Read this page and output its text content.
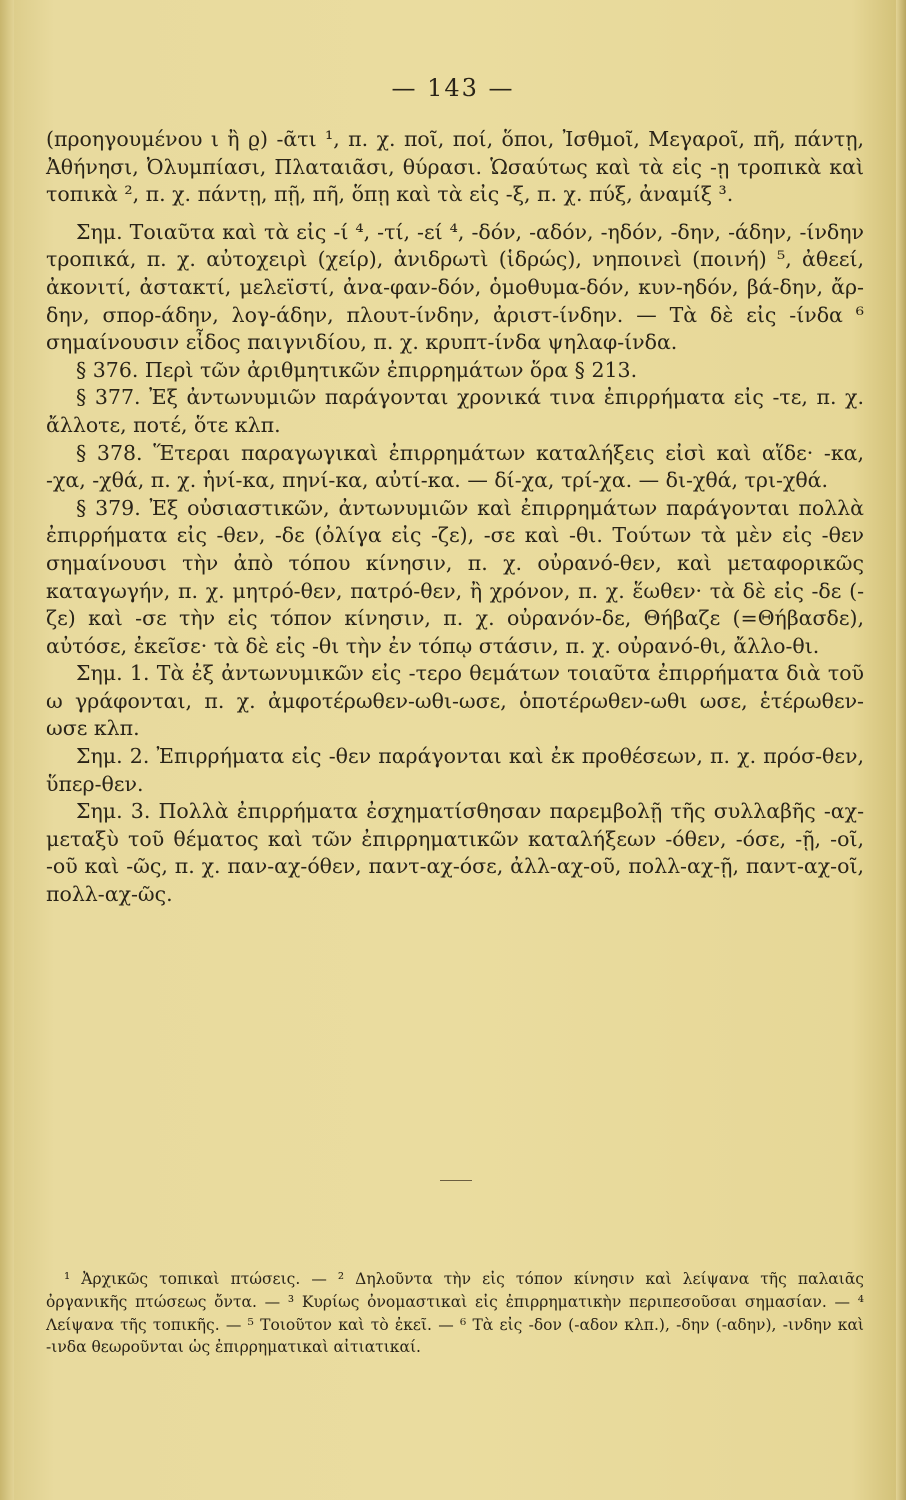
— 143 —

(προηγουμένου ι ἢ ϱ) -ᾶτι ¹, π. χ. ποῖ, ποί, ὅποι, Ἰσθμοῖ, Μεγαροῖ, πῆ, πάντῃ, Ἀθήνησι, Ὀλυμπίασι, Πλαταιᾶσι, θύρασι. Ὡσαύτως καὶ τὰ εἰς -ῃ τροπικὰ καὶ τοπικὰ ², π. χ. πάντῃ, πῇ, πῆ, ὅπῃ καὶ τὰ εἰς -ξ, π. χ. πύξ, ἀναμίξ ³.

Σημ. Τοιαῦτα καὶ τὰ εἰς -ί ⁴, -τί, -εί ⁴, -δόν, -αδόν, -ηδόν, -δην, -άδην, -ίνδην τροπικά, π. χ. αὐτοχειρὶ (χείρ), ἀνιδρωτὶ (ἱδρώς), νηποινεὶ (ποινή) ⁵, ἀθεεί, ἀκονιτί, ἀστακτί, μελεϊστί, ἀνα-φαν-δόν, ὁμοθυμα-δόν, κυν-ηδόν, βά-δην, ἄρ-δην, σπορ-άδην, λογ-άδην, πλουτ-ίνδην, ἀριστ-ίνδην. — Τὰ δὲ εἰς -ίνδα ⁶ σημαίνουσιν εἶδος παιγνιδίου, π. χ. κρυπτ-ίνδα ψηλαφ-ίνδα.

§ 376. Περὶ τῶν ἀριθμητικῶν ἐπιρρημάτων ὅρα § 213.

§ 377. Ἐξ ἀντωνυμιῶν παράγονται χρονικά τινα ἐπιρρήματα εἰς -τε, π. χ. ἄλλοτε, ποτέ, ὅτε κλπ.

§ 378. Ἕτεραι παραγωγικαὶ ἐπιρρημάτων καταλήξεις εἰσὶ καὶ αἵδε· -κα, -χα, -χθά, π. χ. ἡνί-κα, πηνί-κα, αὐτί-κα. — δί-χα, τρί-χα. — δι-χθά, τρι-χθά.

§ 379. Ἐξ οὐσιαστικῶν, ἀντωνυμιῶν καὶ ἐπιρρημάτων παράγονται πολλὰ ἐπιρρήματα εἰς -θεν, -δε (ὀλίγα εἰς -ζε), -σε καὶ -θι. Τούτων τὰ μὲν εἰς -θεν σημαίνουσι τὴν ἀπὸ τόπου κίνησιν, π. χ. οὐρανό-θεν, καὶ μεταφορικῶς καταγωγήν, π. χ. μητρό-θεν, πατρό-θεν, ἢ χρόνον, π. χ. ἕωθεν· τὰ δὲ εἰς -δε (-ζε) καὶ -σε τὴν εἰς τόπον κίνησιν, π. χ. οὐρανόν-δε, Θήβαζε (=Θήβασδε), αὐτόσε, ἐκεῖσε· τὰ δὲ εἰς -θι τὴν ἐν τόπῳ στάσιν, π. χ. οὐρανό-θι, ἄλλο-θι.

Σημ. 1. Τὰ ἐξ ἀντωνυμικῶν εἰς -τερο θεμάτων τοιαῦτα ἐπιρρήματα διὰ τοῦ ω γράφονται, π. χ. ἀμφοτέρωθεν-ωθι-ωσε, ὁποτέρωθεν-ωθι ωσε, ἑτέρωθεν-ωσε κλπ.

Σημ. 2. Ἐπιρρήματα εἰς -θεν παράγονται καὶ ἐκ προθέσεων, π. χ. πρόσ-θεν, ὕπερ-θεν.

Σημ. 3. Πολλὰ ἐπιρρήματα ἐσχηματίσθησαν παρεμβολῇ τῆς συλλαβῆς -αχ- μεταξὺ τοῦ θέματος καὶ τῶν ἐπιρρηματικῶν καταλήξεων -όθεν, -όσε, -ῇ, -οῖ, -οῦ καὶ -ῶς, π. χ. παν-αχ-όθεν, παντ-αχ-όσε, ἀλλ-αχ-οῦ, πολλ-αχ-ῇ, παντ-αχ-οῖ, πολλ-αχ-ῶς.

¹ Ἀρχικῶς τοπικαὶ πτώσεις. — ² Δηλοῦντα τὴν εἰς τόπον κίνησιν καὶ λείψανα τῆς παλαιᾶς ὀργανικῆς πτώσεως ὄντα. — ³ Κυρίως ὀνομαστικαὶ εἰς ἐπιρρηματικὴν περιπεσοῦσαι σημασίαν. — ⁴ Λείψανα τῆς τοπικῆς. — ⁵ Τοιοῦτον καὶ τὸ ἐκεῖ. — ⁶ Τὰ εἰς -δον (-αδον κλπ.), -δην (-αδην), -ινδην καὶ -ινδα θεωροῦνται ὡς ἐπιρρηματικαὶ αἰτιατικαί.
